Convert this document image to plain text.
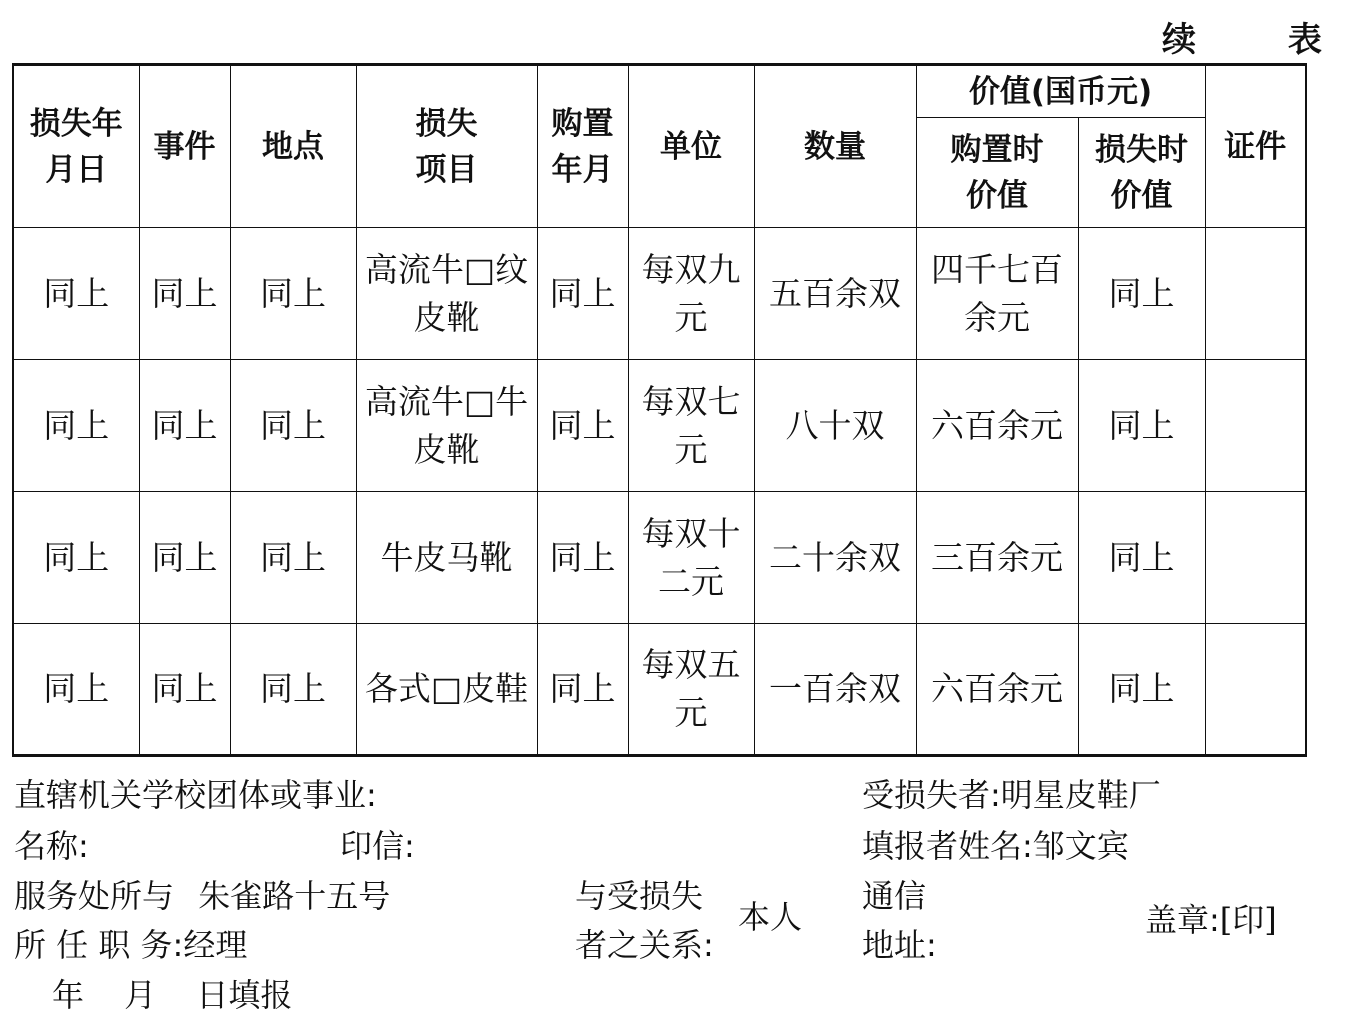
续 表
损失年月日	事件	地点	损失项目	购置年月	单位	数量	价值(国币元)		证件
							购置时价值	损失时价值	
同上	同上	同上	高流牛□纹皮靴	同上	每双九元	五百余双	四千七百余元	同上	
同上	同上	同上	高流牛□牛皮靴	同上	每双七元	八十双	六百余元	同上	
同上	同上	同上	牛皮马靴	同上	每双十二元	二十余双	三百余元	同上	
同上	同上	同上	各式□皮鞋	同上	每双五元	一百余双	六百余元	同上	
直辖机关学校团体或事业:
名称:	印信:
服务处所与 朱雀路十五号
所 任 职 务:经理
年 月 日填报
与受损失
者之关系:
本人
受损失者:明星皮鞋厂
填报者姓名:邹文宾
通信
地址:
盖章:[印]
